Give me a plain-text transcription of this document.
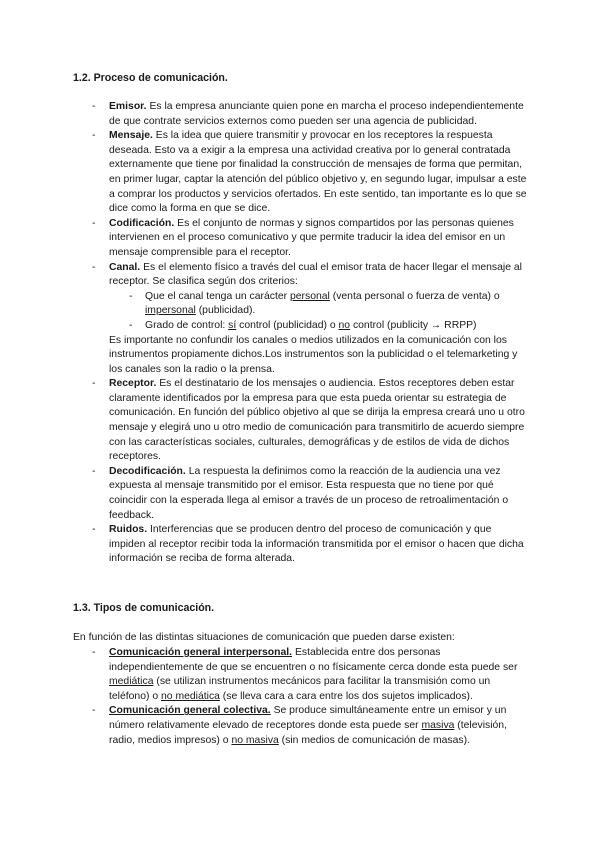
1.2. Proceso de comunicación.
-	Emisor. Es la empresa anunciante quien pone en marcha el proceso independientemente de que contrate servicios externos como pueden ser una agencia de publicidad.
-	Mensaje. Es la idea que quiere transmitir y provocar en los receptores la respuesta deseada. Esto va a exigir a la empresa una actividad creativa por lo general contratada externamente que tiene por finalidad la construcción de mensajes de forma que permitan, en primer lugar, captar la atención del público objetivo y, en segundo lugar, impulsar a este a comprar los productos y servicios ofertados. En este sentido, tan importante es lo que se dice como la forma en que se dice.
-	Codificación. Es el conjunto de normas y signos compartidos por las personas quienes intervienen en el proceso comunicativo y que permite traducir la idea del emisor en un mensaje comprensible para el receptor.
-	Canal. Es el elemento físico a través del cual el emisor trata de hacer llegar el mensaje al receptor. Se clasifica según dos criterios:
- Que el canal tenga un carácter personal (venta personal o fuerza de venta) o impersonal (publicidad).
- Grado de control: sí control (publicidad) o no control (publicity → RRPP)

Es importante no confundir los canales o medios utilizados en la comunicación con los instrumentos propiamente dichos.Los instrumentos son la publicidad o el telemarketing y los canales son la radio o la prensa.

-	Receptor. Es el destinatario de los mensajes o audiencia. Estos receptores deben estar claramente identificados por la empresa para que esta pueda orientar su estrategia de comunicación. En función del público objetivo al que se dirija la empresa creará uno u otro mensaje y elegirá uno u otro medio de comunicación para transmitirlo de acuerdo siempre con las características sociales, culturales, demográficas y de estilos de vida de dichos receptores.
-	Decodificación. La respuesta la definimos como la reacción de la audiencia una vez expuesta al mensaje transmitido por el emisor. Esta respuesta que no tiene por qué coincidir con la esperada llega al emisor a través de un proceso de retroalimentación o feedback.
-	Ruidos. Interferencias que se producen dentro del proceso de comunicación y que impiden al receptor recibir toda la información transmitida por el emisor o hacen que dicha información se reciba de forma alterada.
1.3. Tipos de comunicación.

En función de las distintas situaciones de comunicación que pueden darse existen:

-	Comunicación general interpersonal. Establecida entre dos personas independientemente de que se encuentren o no físicamente cerca donde esta puede ser mediática (se utilizan instrumentos mecánicos para facilitar la transmisión como un teléfono) o no mediática (se lleva cara a cara entre los dos sujetos implicados).
-	Comunicación general colectiva. Se produce simultáneamente entre un emisor y un número relativamente elevado de receptores donde esta puede ser masiva (televisión, radio, medios impresos) o no masiva (sin medios de comunicación de masas).
